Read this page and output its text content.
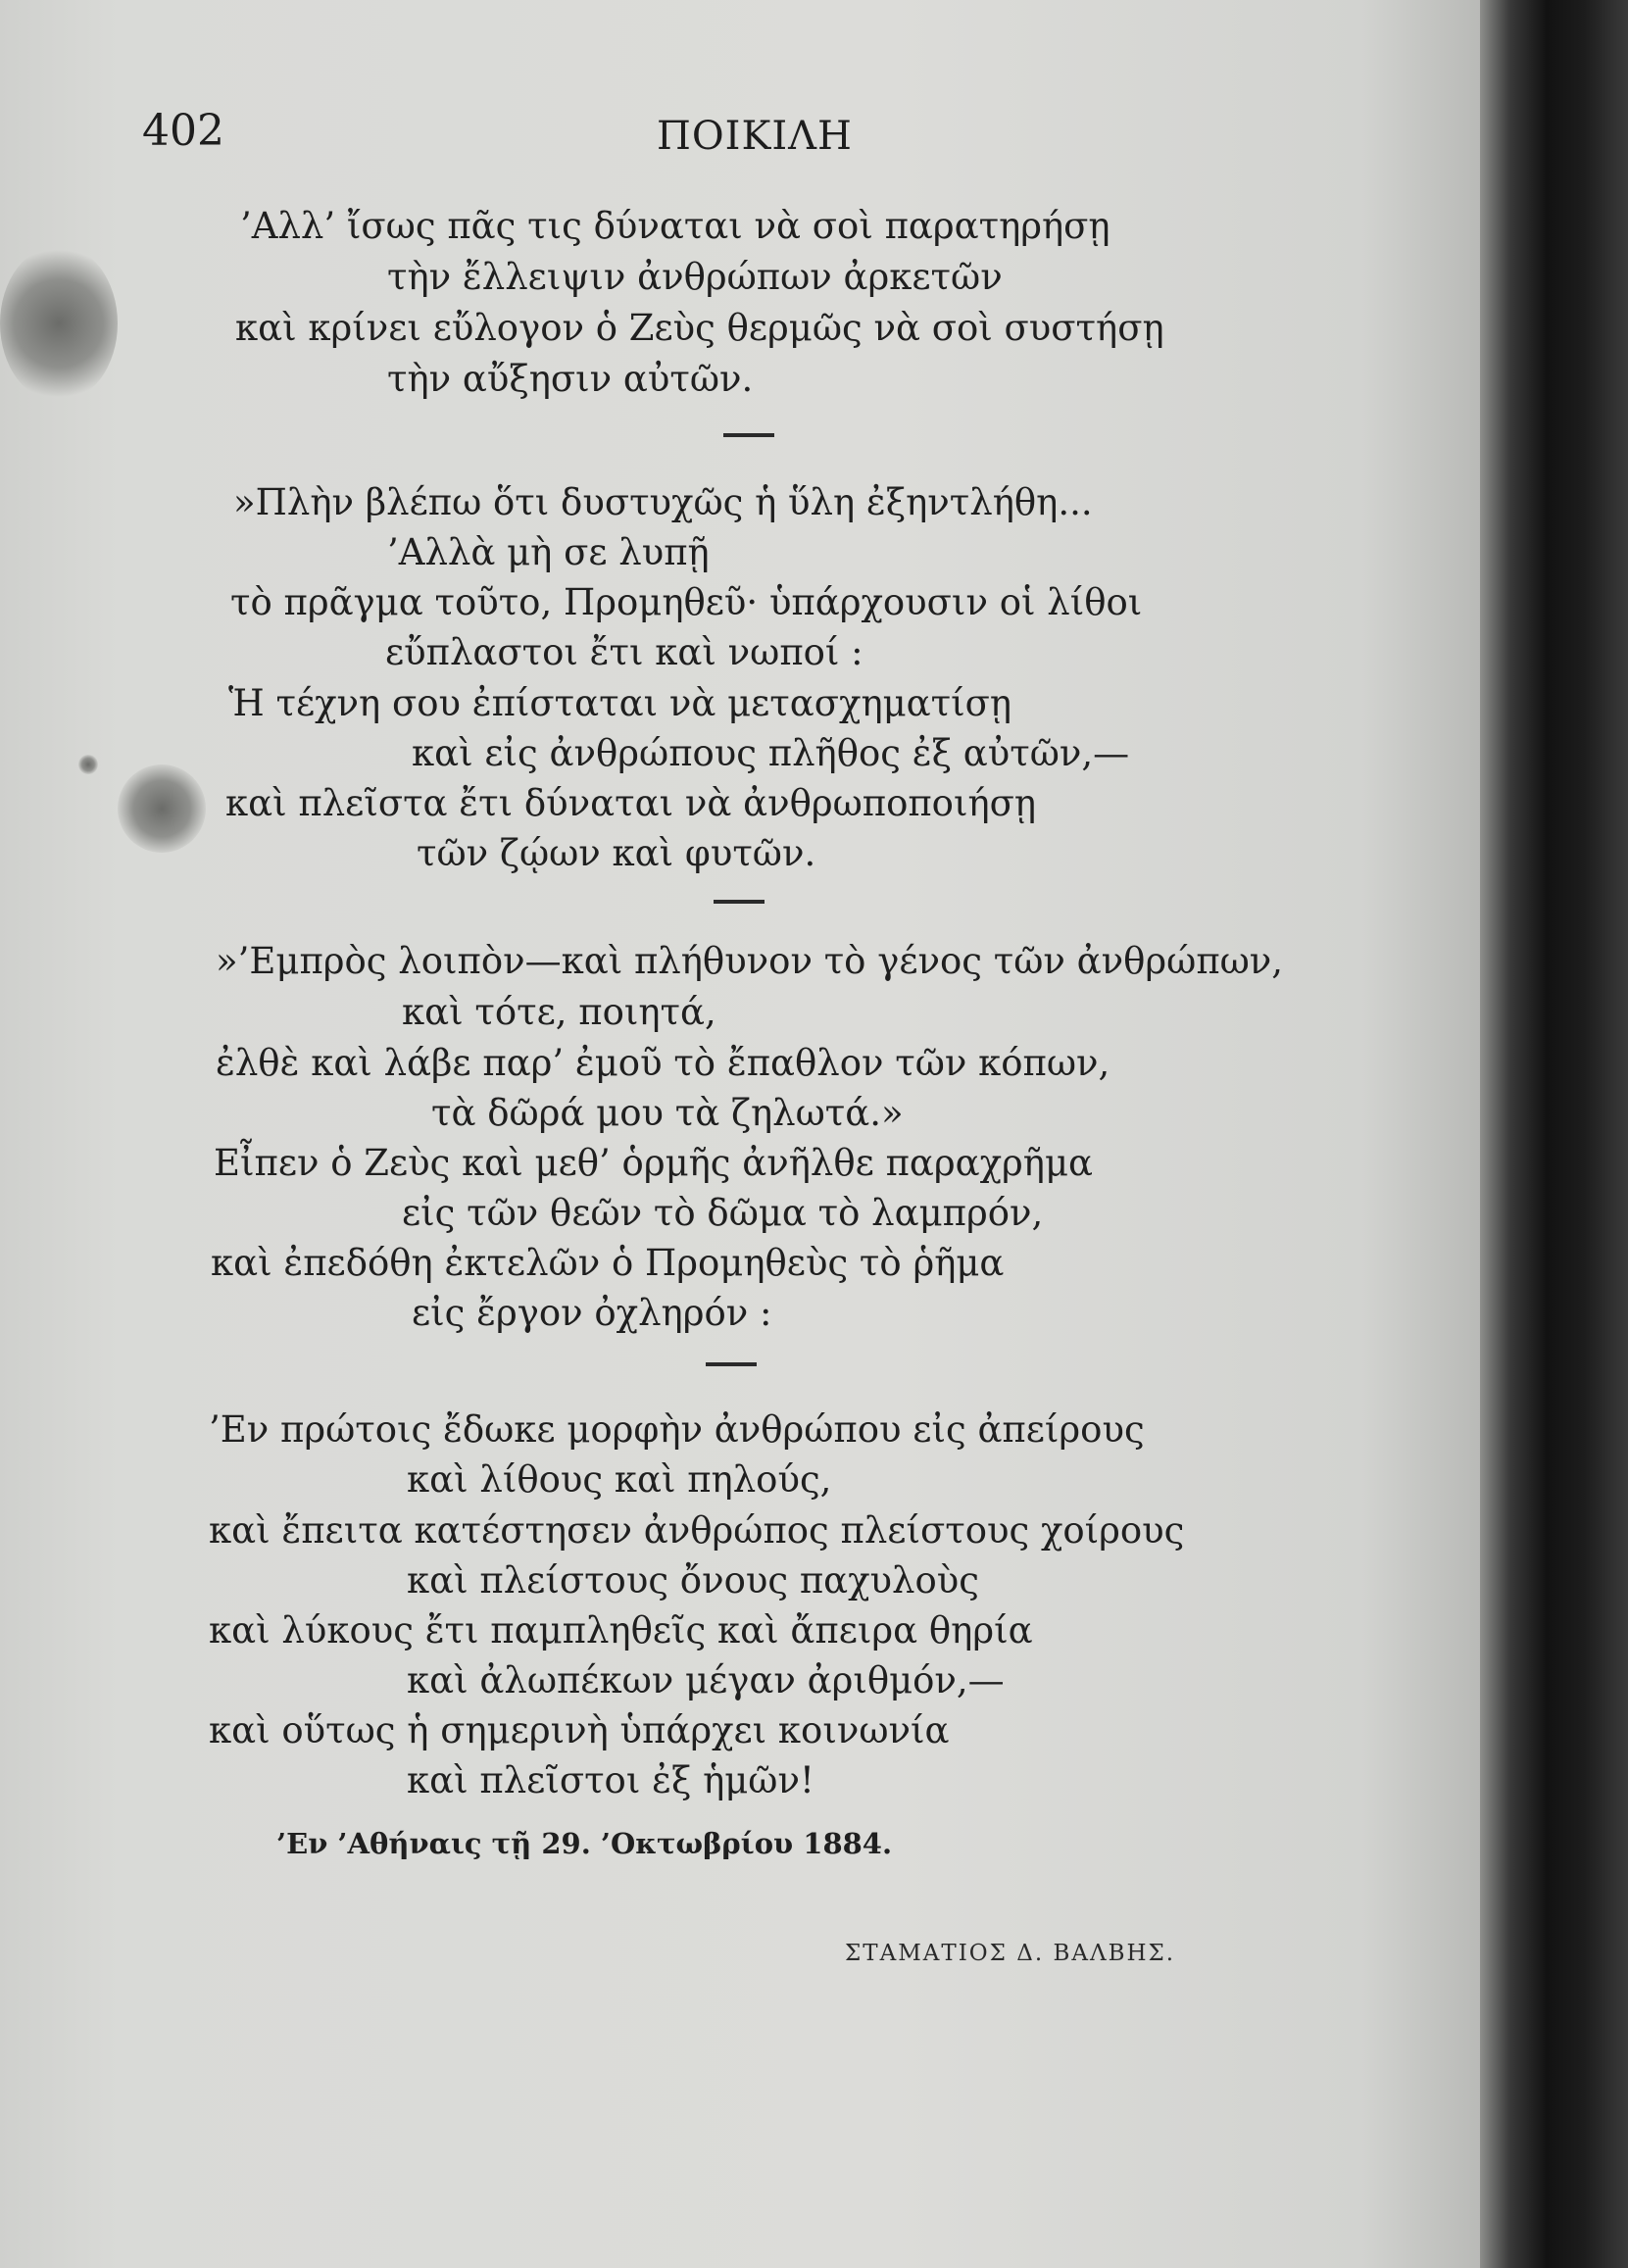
402	ΠΟΙΚΙΛΗ
’Αλλ’ ἴσως πᾶς τις δύναται νὰ σοὶ παρατηρήσῃ
τὴν ἔλλειψιν ἀνθρώπων ἀρκετῶν
καὶ κρίνει εὔλογον ὁ Ζεὺς θερμῶς νὰ σοὶ συστήσῃ
τὴν αὔξησιν αὐτῶν.
»Πλὴν βλέπω ὅτι δυστυχῶς ἡ ὕλη ἐξηντλήθη...
’Αλλὰ μὴ σε λυπῇ
τὸ πρᾶγμα τοῦτο, Προμηθεῦ· ὑπάρχουσιν οἱ λίθοι
εὔπλαστοι ἔτι καὶ νωποί :
Ἡ τέχνη σου ἐπίσταται νὰ μετασχηματίσῃ
καὶ εἰς ἀνθρώπους πλῆθος ἐξ αὐτῶν,—
καὶ πλεῖστα ἔτι δύναται νὰ ἀνθρωποποιήσῃ
τῶν ζῴων καὶ φυτῶν.
»’Εμπρὸς λοιπὸν—καὶ πλήθυνον τὸ γένος τῶν ἀνθρώπων,
καὶ τότε, ποιητά,
ἐλθὲ καὶ λάβε παρ’ ἐμοῦ τὸ ἔπαθλον τῶν κόπων,
τὰ δῶρά μου τὰ ζηλωτά.»
Εἶπεν ὁ Ζεὺς καὶ μεθ’ ὁρμῆς ἀνῆλθε παραχρῆμα
εἰς τῶν θεῶν τὸ δῶμα τὸ λαμπρόν,
καὶ ἐπεδόθη ἐκτελῶν ὁ Προμηθεὺς τὸ ῥῆμα
εἰς ἔργον ὀχληρόν :
’Εν πρώτοις ἔδωκε μορφὴν ἀνθρώπου εἰς ἀπείρους
καὶ λίθους καὶ πηλούς,
καὶ ἔπειτα κατέστησεν ἀνθρώπος πλείστους χοίρους
καὶ πλείστους ὄνους παχυλοὺς
καὶ λύκους ἔτι παμπληθεῖς καὶ ἄπειρα θηρία
καὶ ἀλωπέκων μέγαν ἀριθμόν,—
καὶ οὕτως ἡ σημερινὴ ὑπάρχει κοινωνία
καὶ πλεῖστοι ἐξ ἡμῶν!
’Εν ’Αθήναις τῇ 29. ’Οκτωβρίου 1884.
ΣΤΑΜΑΤΙΟΣ Δ. ΒΑΛΒΗΣ.
